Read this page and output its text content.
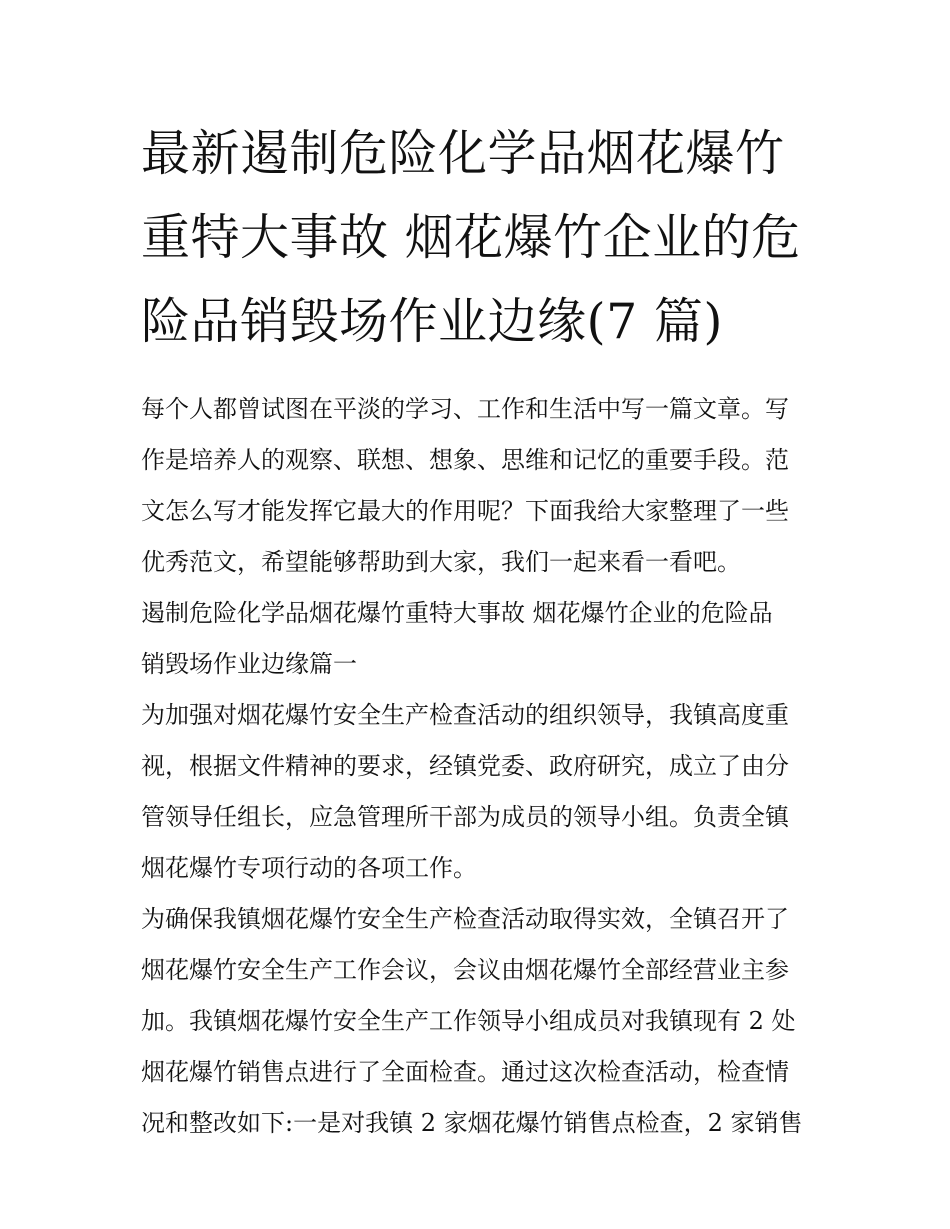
最新遏制危险化学品烟花爆竹
重特大事故 烟花爆竹企业的危
险品销毁场作业边缘(7 篇)

每个人都曾试图在平淡的学习、工作和生活中写一篇文章。写
作是培养人的观察、联想、想象、思维和记忆的重要手段。范
文怎么写才能发挥它最大的作用呢？下面我给大家整理了一些
优秀范文，希望能够帮助到大家，我们一起来看一看吧。

遏制危险化学品烟花爆竹重特大事故 烟花爆竹企业的危险品
销毁场作业边缘篇一

为加强对烟花爆竹安全生产检查活动的组织领导，我镇高度重
视，根据文件精神的要求，经镇党委、政府研究，成立了由分
管领导任组长，应急管理所干部为成员的领导小组。负责全镇
烟花爆竹专项行动的各项工作。

为确保我镇烟花爆竹安全生产检查活动取得实效，全镇召开了
烟花爆竹安全生产工作会议，会议由烟花爆竹全部经营业主参
加。我镇烟花爆竹安全生产工作领导小组成员对我镇现有 2 处
烟花爆竹销售点进行了全面检查。通过这次检查活动，检查情
况和整改如下:一是对我镇 2 家烟花爆竹销售点检查，2 家销售
